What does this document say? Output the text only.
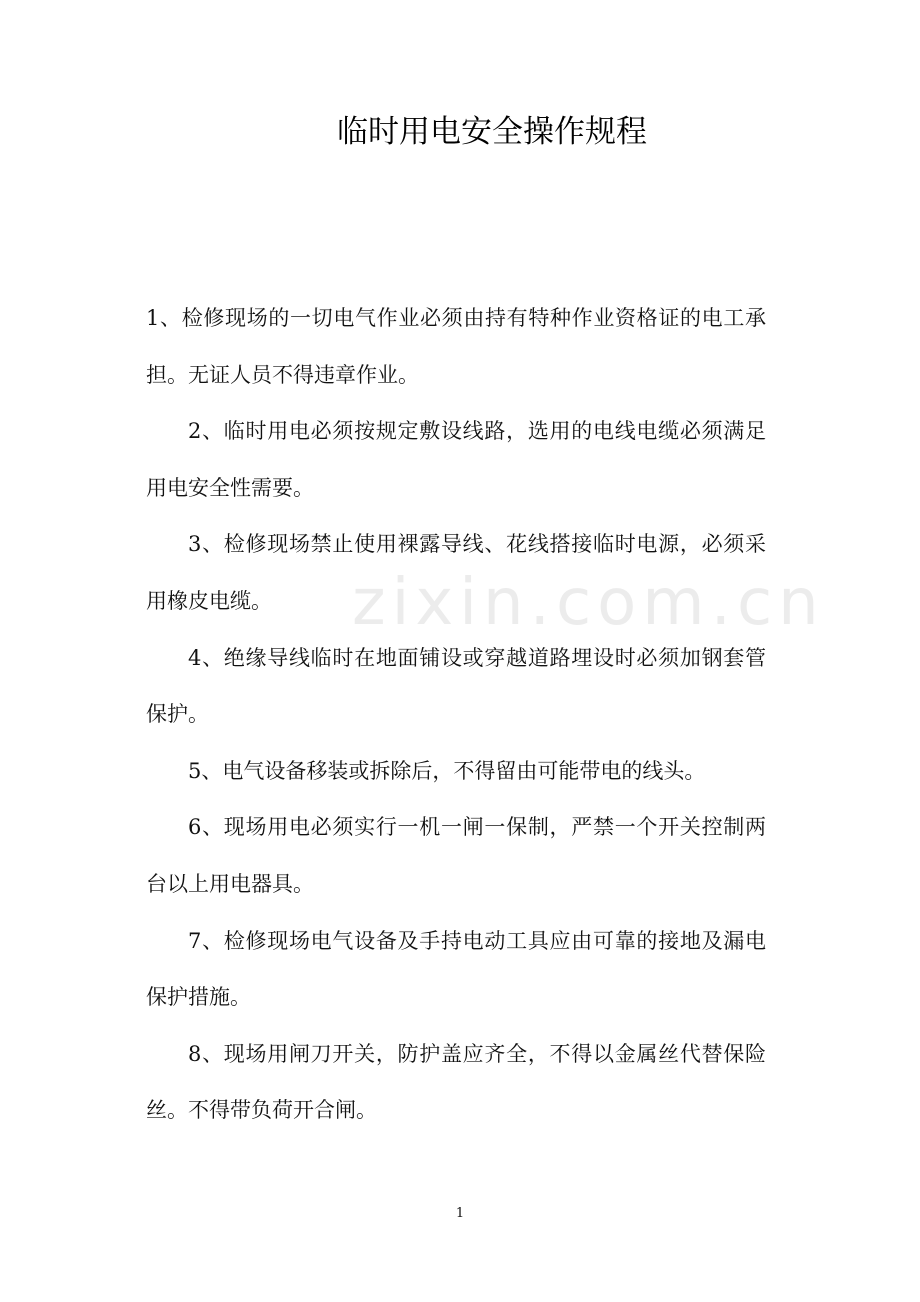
zixin.com.cn
临时用电安全操作规程

1、检修现场的一切电气作业必须由持有特种作业资格证的电工承担。无证人员不得违章作业。

2、临时用电必须按规定敷设线路，选用的电线电缆必须满足用电安全性需要。

3、检修现场禁止使用裸露导线、花线搭接临时电源，必须采用橡皮电缆。

4、绝缘导线临时在地面铺设或穿越道路埋设时必须加钢套管保护。

5、电气设备移装或拆除后，不得留由可能带电的线头。

6、现场用电必须实行一机一闸一保制，严禁一个开关控制两台以上用电器具。

7、检修现场电气设备及手持电动工具应由可靠的接地及漏电保护措施。

8、现场用闸刀开关，防护盖应齐全，不得以金属丝代替保险丝。不得带负荷开合闸。

1
